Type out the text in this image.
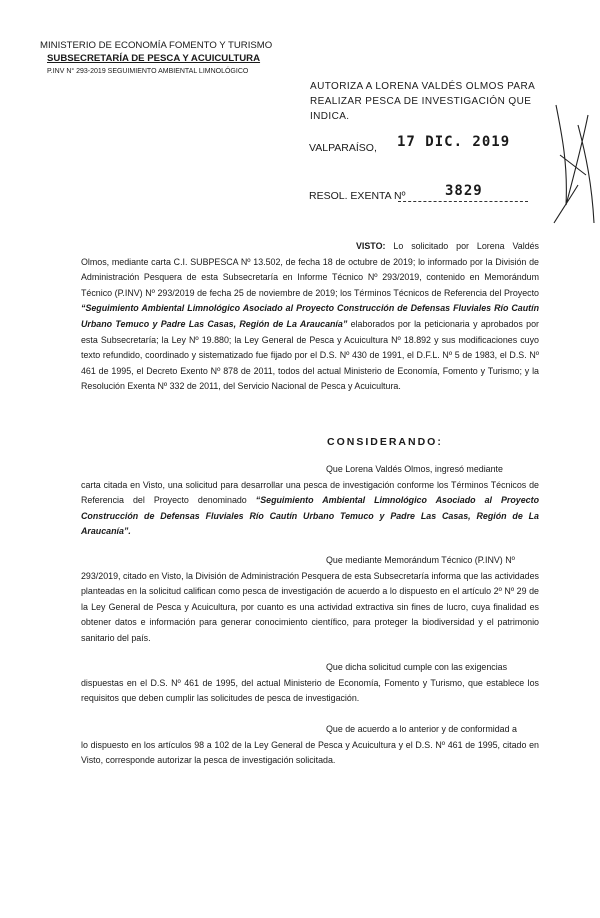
MINISTERIO DE ECONOMÍA FOMENTO Y TURISMO
SUBSECRETARÍA DE PESCA Y ACUICULTURA
P.INV N° 293-2019 SEGUIMIENTO AMBIENTAL LIMNOLÓGICO
AUTORIZA A LORENA VALDÉS OLMOS PARA REALIZAR PESCA DE INVESTIGACIÓN QUE INDICA.
VALPARAÍSO, 17 DIC. 2019
RESOL. EXENTA Nº	3829
VISTO: Lo solicitado por Lorena Valdés Olmos, mediante carta C.I. SUBPESCA Nº 13.502, de fecha 18 de octubre de 2019; lo informado por la División de Administración Pesquera de esta Subsecretaría en Informe Técnico Nº 293/2019, contenido en Memorándum Técnico (P.INV) Nº 293/2019 de fecha 25 de noviembre de 2019; los Términos Técnicos de Referencia del Proyecto “Seguimiento Ambiental Limnológico Asociado al Proyecto Construcción de Defensas Fluviales Río Cautín Urbano Temuco y Padre Las Casas, Región de La Araucanía” elaborados por la peticionaria y aprobados por esta Subsecretaría; la Ley Nº 19.880; la Ley General de Pesca y Acuicultura Nº 18.892 y sus modificaciones cuyo texto refundido, coordinado y sistematizado fue fijado por el D.S. Nº 430 de 1991, el D.F.L. Nº 5 de 1983, el D.S. Nº 461 de 1995, el Decreto Exento Nº 878 de 2011, todos del actual Ministerio de Economía, Fomento y Turismo; y la Resolución Exenta Nº 332 de 2011, del Servicio Nacional de Pesca y Acuicultura.
CONSIDERANDO:
Que Lorena Valdés Olmos, ingresó mediante
carta citada en Visto, una solicitud para desarrollar una pesca de investigación conforme los Términos Técnicos de Referencia del Proyecto denominado “Seguimiento Ambiental Limnológico Asociado al Proyecto Construcción de Defensas Fluviales Río Cautín Urbano Temuco y Padre Las Casas, Región de La Araucanía”.
Que mediante Memorándum Técnico (P.INV) Nº
293/2019, citado en Visto, la División de Administración Pesquera de esta Subsecretaría informa que las actividades planteadas en la solicitud califican como pesca de investigación de acuerdo a lo dispuesto en el artículo 2º Nº 29 de la Ley General de Pesca y Acuicultura, por cuanto es una actividad extractiva sin fines de lucro, cuya finalidad es obtener datos e información para generar conocimiento científico, para proteger la biodiversidad y el patrimonio sanitario del país.
Que dicha solicitud cumple con las exigencias
dispuestas en el D.S. Nº 461 de 1995, del actual Ministerio de Economía, Fomento y Turismo, que establece los requisitos que deben cumplir las solicitudes de pesca de investigación.
Que de acuerdo a lo anterior y de conformidad a
lo dispuesto en los artículos 98 a 102 de la Ley General de Pesca y Acuicultura y el D.S. Nº 461 de 1995, citado en Visto, corresponde autorizar la pesca de investigación solicitada.
